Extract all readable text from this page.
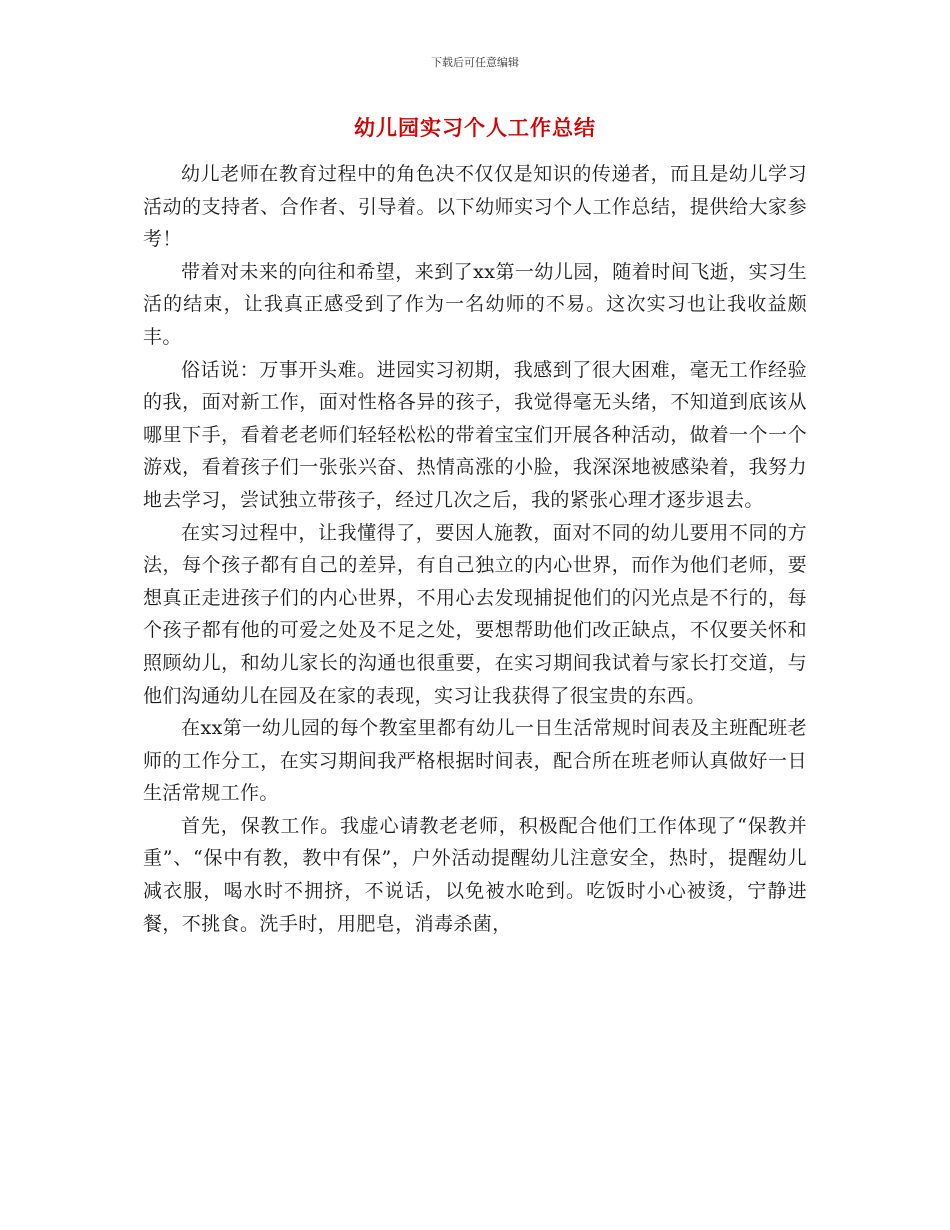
下载后可任意编辑
幼儿园实习个人工作总结

幼儿老师在教育过程中的角色决不仅仅是知识的传递者，而且是幼儿学习活动的支持者、合作者、引导着。以下幼师实习个人工作总结，提供给大家参考！

带着对未来的向往和希望，来到了xx第一幼儿园，随着时间飞逝，实习生活的结束，让我真正感受到了作为一名幼师的不易。这次实习也让我收益颇丰。

俗话说：万事开头难。进园实习初期，我感到了很大困难，毫无工作经验的我，面对新工作，面对性格各异的孩子，我觉得毫无头绪，不知道到底该从哪里下手，看着老老师们轻轻松松的带着宝宝们开展各种活动，做着一个一个游戏，看着孩子们一张张兴奋、热情高涨的小脸，我深深地被感染着，我努力地去学习，尝试独立带孩子，经过几次之后，我的紧张心理才逐步退去。

在实习过程中，让我懂得了，要因人施教，面对不同的幼儿要用不同的方法，每个孩子都有自己的差异，有自己独立的内心世界，而作为他们老师，要想真正走进孩子们的内心世界，不用心去发现捕捉他们的闪光点是不行的，每个孩子都有他的可爱之处及不足之处，要想帮助他们改正缺点，不仅要关怀和照顾幼儿，和幼儿家长的沟通也很重要，在实习期间我试着与家长打交道，与他们沟通幼儿在园及在家的表现，实习让我获得了很宝贵的东西。

在xx第一幼儿园的每个教室里都有幼儿一日生活常规时间表及主班配班老师的工作分工，在实习期间我严格根据时间表，配合所在班老师认真做好一日生活常规工作。

首先，保教工作。我虚心请教老老师，积极配合他们工作体现了“保教并重”、“保中有教，教中有保”，户外活动提醒幼儿注意安全，热时，提醒幼儿减衣服，喝水时不拥挤，不说话，以免被水呛到。吃饭时小心被烫，宁静进餐，不挑食。洗手时，用肥皂，消毒杀菌，
